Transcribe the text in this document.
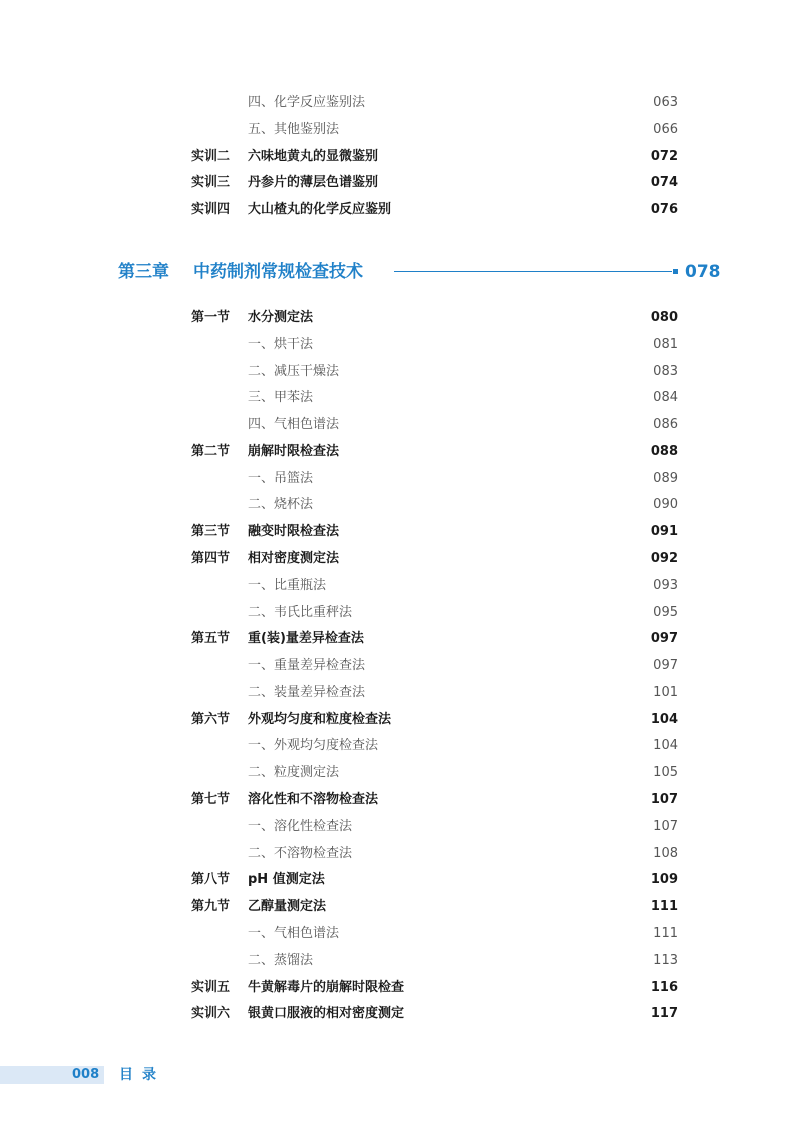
四、化学反应鉴别法	063
五、其他鉴别法	066
实训二 六味地黄丸的显微鉴别	072
实训三 丹参片的薄层色谱鉴别	074
实训四 大山楂丸的化学反应鉴别	076
第三章 中药制剂常规检查技术	078
第一节 水分测定法	080
一、烘干法	081
二、减压干燥法	083
三、甲苯法	084
四、气相色谱法	086
第二节 崩解时限检查法	088
一、吊篮法	089
二、烧杯法	090
第三节 融变时限检查法	091
第四节 相对密度测定法	092
一、比重瓶法	093
二、韦氏比重秤法	095
第五节 重(装)量差异检查法	097
一、重量差异检查法	097
二、装量差异检查法	101
第六节 外观均匀度和粒度检查法	104
一、外观均匀度检查法	104
二、粒度测定法	105
第七节 溶化性和不溶物检查法	107
一、溶化性检查法	107
二、不溶物检查法	108
第八节 pH 值测定法	109
第九节 乙醇量测定法	111
一、气相色谱法	111
二、蒸馏法	113
实训五 牛黄解毒片的崩解时限检查	116
实训六 银黄口服液的相对密度测定	117
008 目录
